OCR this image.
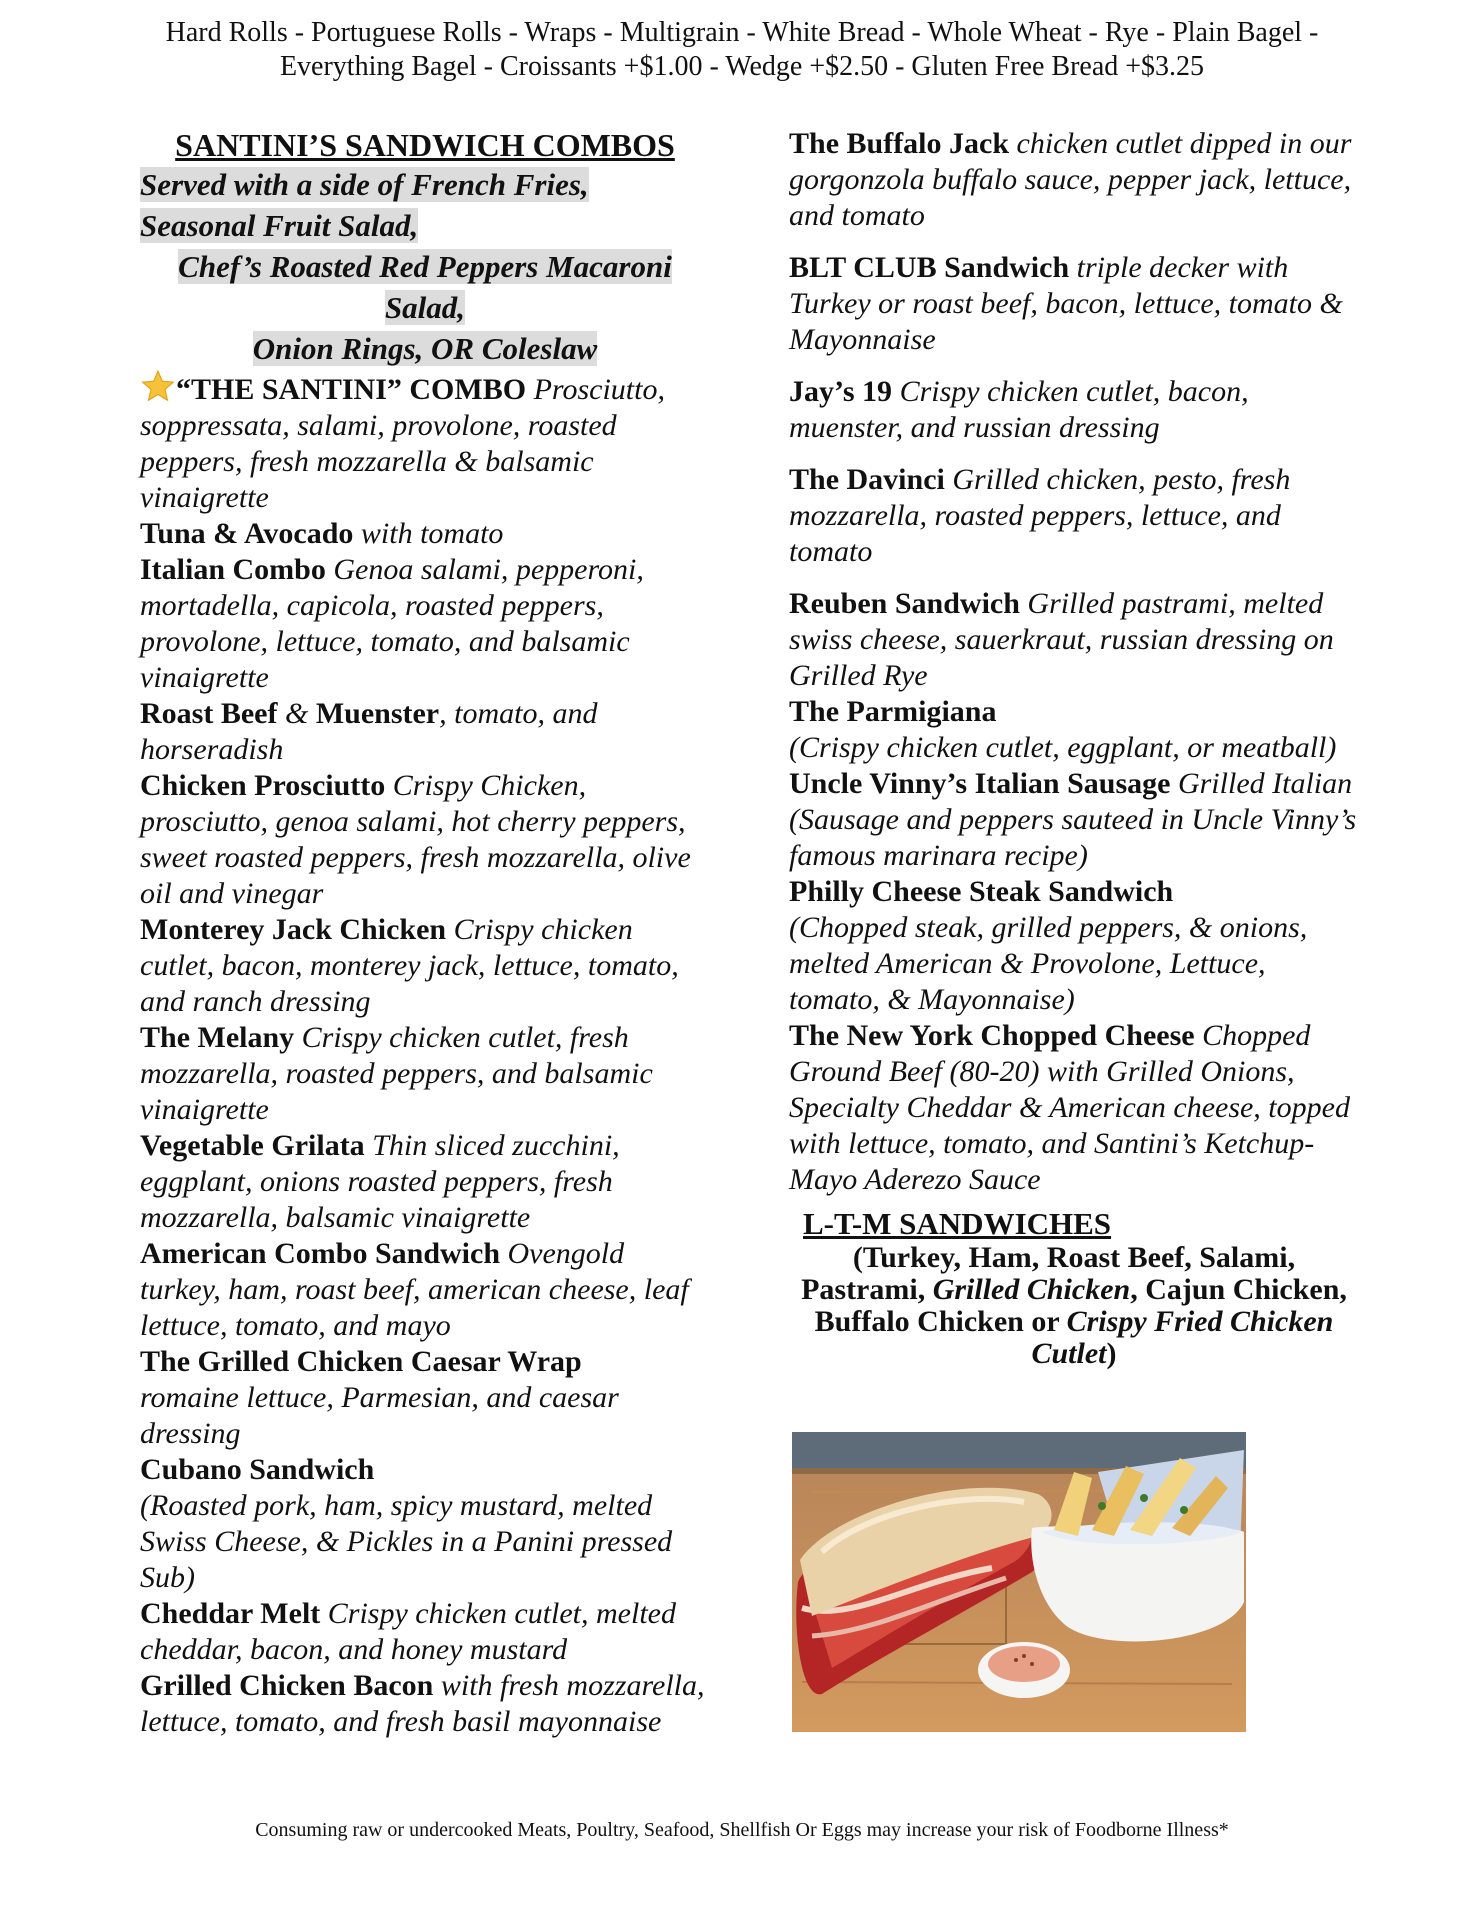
Hard Rolls - Portuguese Rolls - Wraps - Multigrain - White Bread - Whole Wheat - Rye - Plain Bagel -
Everything Bagel - Croissants +$1.00 - Wedge +$2.50 - Gluten Free Bread +$3.25
SANTINI’S SANDWICH COMBOS
Served with a side of French Fries,
Seasonal Fruit Salad,
Chef’s Roasted Red Peppers Macaroni
Salad,
Onion Rings, OR Coleslaw
“THE SANTINI” COMBO Prosciutto, soppressata, salami, provolone, roasted peppers, fresh mozzarella & balsamic vinaigrette
Tuna & Avocado with tomato
Italian Combo Genoa salami, pepperoni, mortadella, capicola, roasted peppers, provolone, lettuce, tomato, and balsamic vinaigrette
Roast Beef & Muenster, tomato, and horseradish
Chicken Prosciutto Crispy Chicken, prosciutto, genoa salami, hot cherry peppers, sweet roasted peppers, fresh mozzarella, olive oil and vinegar
Monterey Jack Chicken Crispy chicken cutlet, bacon, monterey jack, lettuce, tomato, and ranch dressing
The Melany Crispy chicken cutlet, fresh mozzarella, roasted peppers, and balsamic vinaigrette
Vegetable Grilata Thin sliced zucchini, eggplant, onions roasted peppers, fresh mozzarella, balsamic vinaigrette
American Combo Sandwich Ovengold turkey, ham, roast beef, american cheese, leaf lettuce, tomato, and mayo
The Grilled Chicken Caesar Wrap
romaine lettuce, Parmesian, and caesar dressing
Cubano Sandwich
(Roasted pork, ham, spicy mustard, melted Swiss Cheese, & Pickles in a Panini pressed Sub)
Cheddar Melt Crispy chicken cutlet, melted cheddar, bacon, and honey mustard
Grilled Chicken Bacon with fresh mozzarella, lettuce, tomato, and fresh basil mayonnaise
The Buffalo Jack chicken cutlet dipped in our gorgonzola buffalo sauce, pepper jack, lettuce, and tomato
BLT CLUB Sandwich triple decker with Turkey or roast beef, bacon, lettuce, tomato & Mayonnaise
Jay’s 19 Crispy chicken cutlet, bacon, muenster, and russian dressing
The Davinci Grilled chicken, pesto, fresh mozzarella, roasted peppers, lettuce, and tomato
Reuben Sandwich Grilled pastrami, melted swiss cheese, sauerkraut, russian dressing on Grilled Rye
The Parmigiana
(Crispy chicken cutlet, eggplant, or meatball)
Uncle Vinny’s Italian Sausage Grilled Italian (Sausage and peppers sauteed in Uncle Vinny’s famous marinara recipe)
Philly Cheese Steak Sandwich
(Chopped steak, grilled peppers, & onions, melted American & Provolone, Lettuce, tomato, & Mayonnaise)
The New York Chopped Cheese Chopped Ground Beef (80-20) with Grilled Onions, Specialty Cheddar & American cheese, topped with lettuce, tomato, and Santini’s Ketchup- Mayo Aderezo Sauce
L-T-M SANDWICHES
(Turkey, Ham, Roast Beef, Salami, Pastrami, Grilled Chicken, Cajun Chicken, Buffalo Chicken or Crispy Fried Chicken Cutlet)
Consuming raw or undercooked Meats, Poultry, Seafood, Shellfish Or Eggs may increase your risk of Foodborne Illness*
